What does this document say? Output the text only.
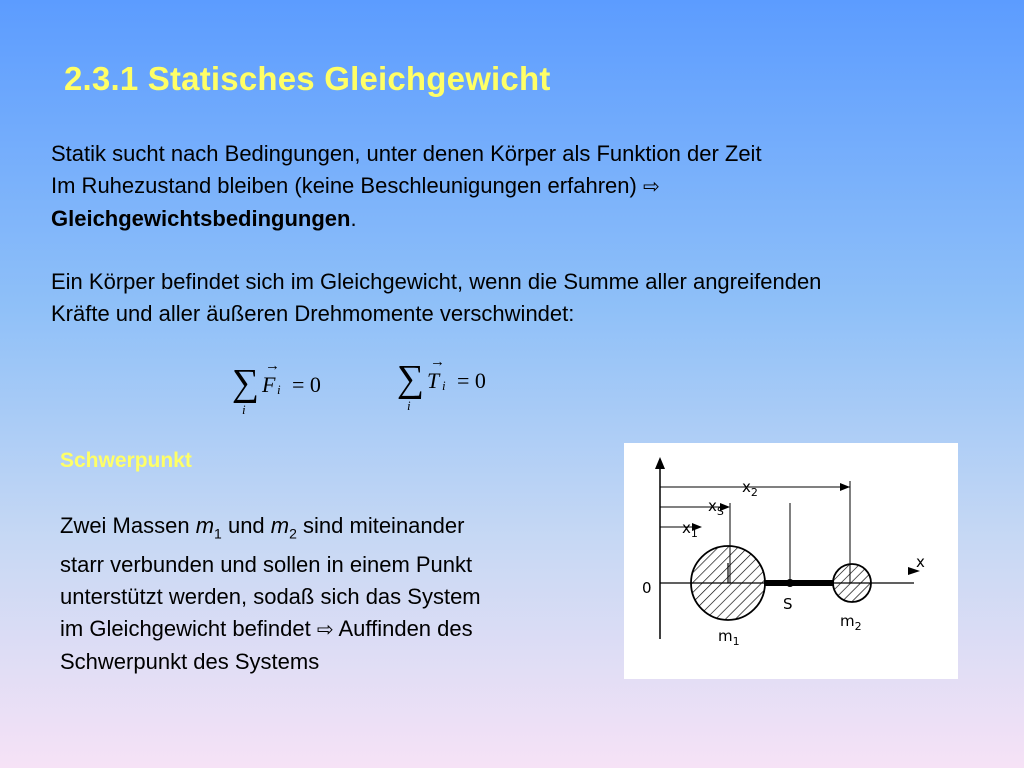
2.3.1 Statisches Gleichgewicht

Statik sucht nach Bedingungen, unter denen Körper als Funktion der Zeit
Im Ruhezustand bleiben (keine Beschleunigungen erfahren) ⇨
Gleichgewichtsbedingungen.

Ein Körper befindet sich im Gleichgewicht, wenn die Summe aller angreifenden
Kräfte und aller äußeren Drehmomente verschwindet:

∑
i
→
F i = 0 ∑
i
→
T i = 0
Schwerpunkt

Zwei Massen $m_1$ und $m_2$ sind miteinander
starr verbunden und sollen in einem Punkt
unterstützt werden, sodaß sich das System
im Gleichgewicht befindet ⇨ Auffinden des
Schwerpunkt des Systems

$x_2$
$x_S$
$x_1$
0
x
S
$m_1$
$m_2$
